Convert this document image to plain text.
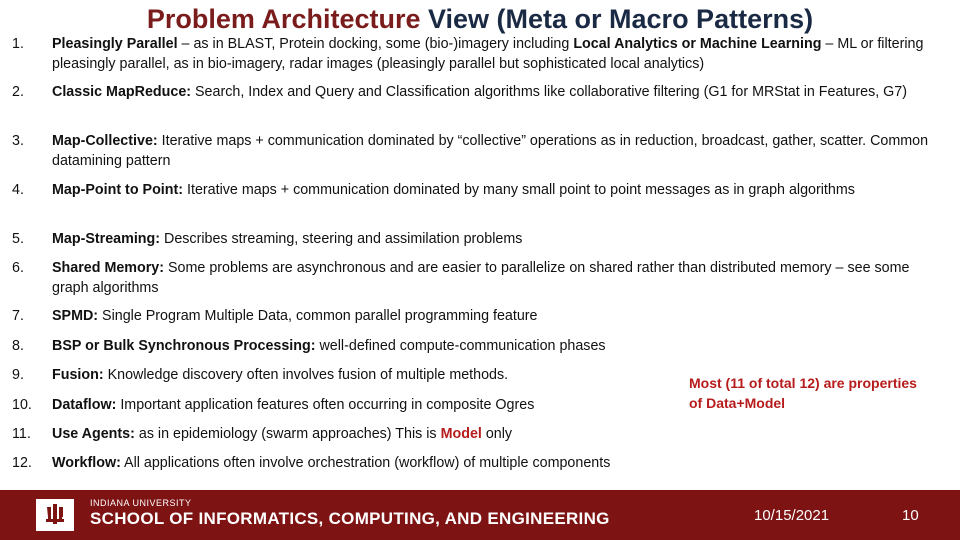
Problem Architecture View (Meta or Macro Patterns)
1.	Pleasingly Parallel – as in BLAST, Protein docking, some (bio-)imagery including Local Analytics or Machine Learning – ML or filtering pleasingly parallel, as in bio-imagery, radar images (pleasingly parallel but sophisticated local analytics)
2.	Classic MapReduce: Search, Index and Query and Classification algorithms like collaborative filtering (G1 for MRStat in Features, G7)
3.	Map-Collective: Iterative maps + communication dominated by “collective” operations as in reduction, broadcast, gather, scatter. Common datamining pattern
4.	Map-Point to Point: Iterative maps + communication dominated by many small point to point messages as in graph algorithms
5.	Map-Streaming: Describes streaming, steering and assimilation problems
6.	Shared Memory: Some problems are asynchronous and are easier to parallelize on shared rather than distributed memory – see some graph algorithms
7.	SPMD: Single Program Multiple Data, common parallel programming feature
8.	BSP or Bulk Synchronous Processing: well-defined compute-communication phases
9.	Fusion: Knowledge discovery often involves fusion of multiple methods.
10.	Dataflow: Important application features often occurring in composite Ogres
11.	Use Agents: as in epidemiology (swarm approaches) This is Model only
12.	Workflow: All applications often involve orchestration (workflow) of multiple components
Most (11 of total 12) are properties of Data+Model
INDIANA UNIVERSITY
SCHOOL OF INFORMATICS, COMPUTING, AND ENGINEERING	10/15/2021	10
